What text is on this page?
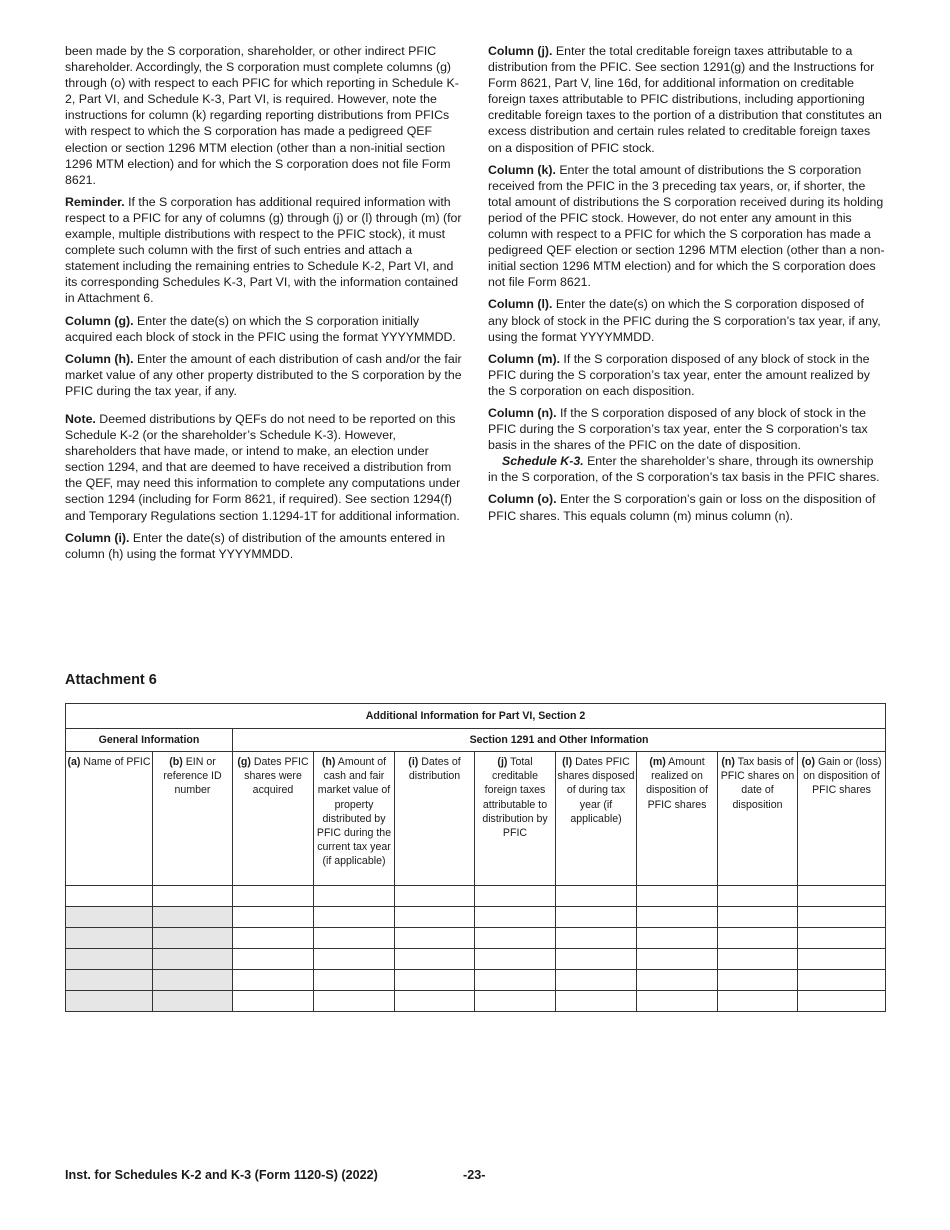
been made by the S corporation, shareholder, or other indirect PFIC shareholder. Accordingly, the S corporation must complete columns (g) through (o) with respect to each PFIC for which reporting in Schedule K-2, Part VI, and Schedule K-3, Part VI, is required. However, note the instructions for column (k) regarding reporting distributions from PFICs with respect to which the S corporation has made a pedigreed QEF election or section 1296 MTM election (other than a non-initial section 1296 MTM election) and for which the S corporation does not file Form 8621.

Reminder. If the S corporation has additional required information with respect to a PFIC for any of columns (g) through (j) or (l) through (m) (for example, multiple distributions with respect to the PFIC stock), it must complete such column with the first of such entries and attach a statement including the remaining entries to Schedule K-2, Part VI, and its corresponding Schedules K-3, Part VI, with the information contained in Attachment 6.

Column (g). Enter the date(s) on which the S corporation initially acquired each block of stock in the PFIC using the format YYYYMMDD.

Column (h). Enter the amount of each distribution of cash and/or the fair market value of any other property distributed to the S corporation by the PFIC during the tax year, if any.

Note. Deemed distributions by QEFs do not need to be reported on this Schedule K-2 (or the shareholder’s Schedule K-3). However, shareholders that have made, or intend to make, an election under section 1294, and that are deemed to have received a distribution from the QEF, may need this information to complete any computations under section 1294 (including for Form 8621, if required). See section 1294(f) and Temporary Regulations section 1.1294-1T for additional information.

Column (i). Enter the date(s) of distribution of the amounts entered in column (h) using the format YYYYMMDD.

Column (j). Enter the total creditable foreign taxes attributable to a distribution from the PFIC. See section 1291(g) and the Instructions for Form 8621, Part V, line 16d, for additional information on creditable foreign taxes attributable to PFIC distributions, including apportioning creditable foreign taxes to the portion of a distribution that constitutes an excess distribution and certain rules related to creditable foreign taxes on a disposition of PFIC stock.

Column (k). Enter the total amount of distributions the S corporation received from the PFIC in the 3 preceding tax years, or, if shorter, the total amount of distributions the S corporation received during its holding period of the PFIC stock. However, do not enter any amount in this column with respect to a PFIC for which the S corporation has made a pedigreed QEF election or section 1296 MTM election (other than a non-initial section 1296 MTM election) and for which the S corporation does not file Form 8621.

Column (l). Enter the date(s) on which the S corporation disposed of any block of stock in the PFIC during the S corporation’s tax year, if any, using the format YYYYMMDD.

Column (m). If the S corporation disposed of any block of stock in the PFIC during the S corporation’s tax year, enter the amount realized by the S corporation on each disposition.

Column (n). If the S corporation disposed of any block of stock in the PFIC during the S corporation’s tax year, enter the S corporation’s tax basis in the shares of the PFIC on the date of disposition.

Schedule K-3. Enter the shareholder’s share, through its ownership in the S corporation, of the S corporation’s tax basis in the PFIC shares.

Column (o). Enter the S corporation’s gain or loss on the disposition of PFIC shares. This equals column (m) minus column (n).

Attachment 6
Additional Information for Part VI, Section 2									
General Information		Section 1291 and Other Information							
(a) Name of PFIC	(b) EIN or reference ID number	(g) Dates PFIC shares were acquired	(h) Amount of cash and fair market value of property distributed by PFIC during the current tax year (if applicable)	(i) Dates of distribution	(j) Total creditable foreign taxes attributable to distribution by PFIC	(l) Dates PFIC shares disposed of during tax year (if applicable)	(m) Amount realized on disposition of PFIC shares	(n) Tax basis of PFIC shares on date of disposition	(o) Gain or (loss) on disposition of PFIC shares

Inst. for Schedules K-2 and K-3 (Form 1120-S) (2022)	-23-
